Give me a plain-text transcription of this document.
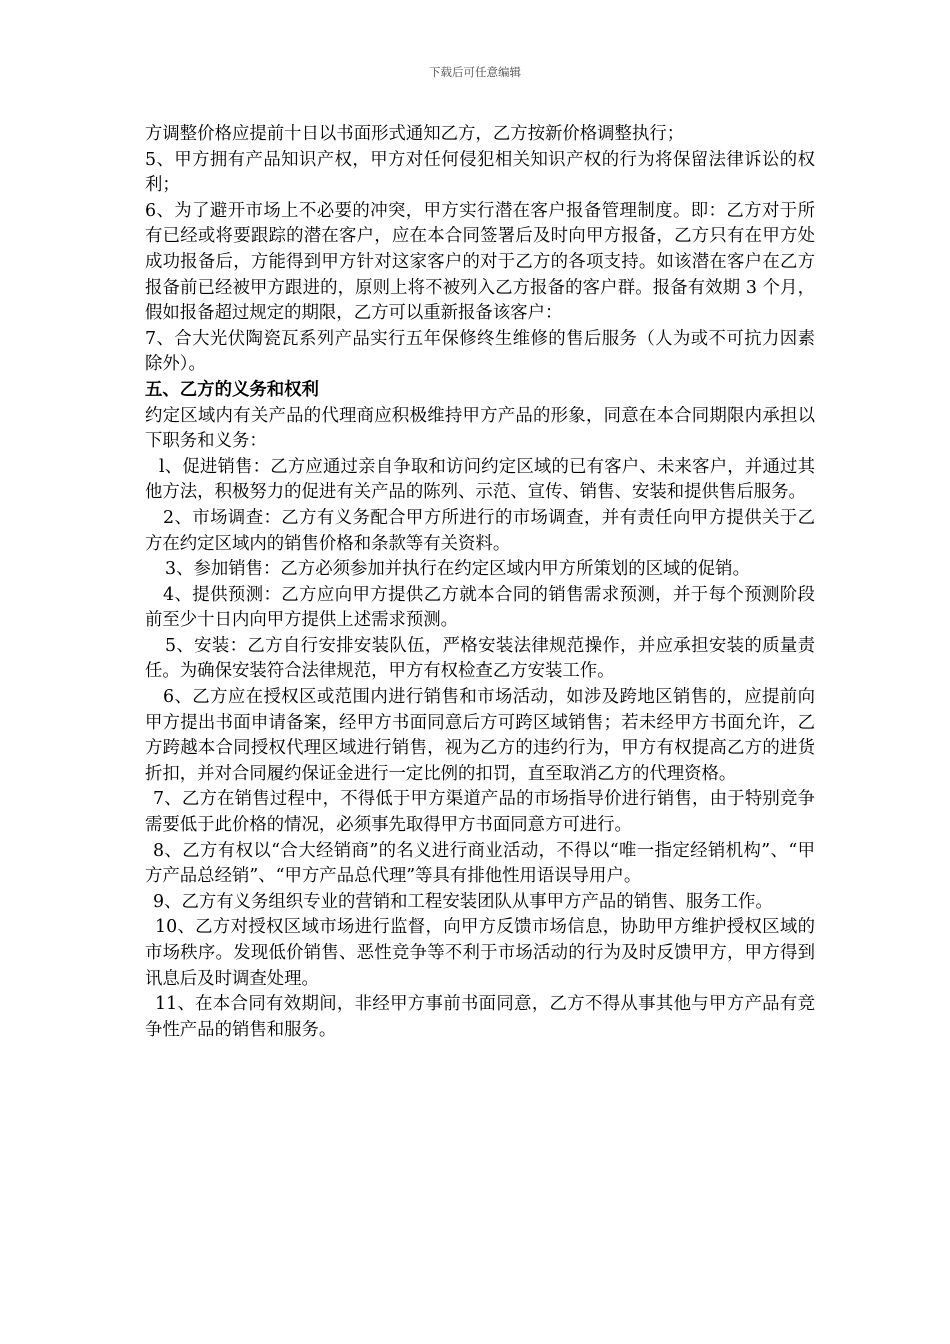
下载后可任意编辑

方调整价格应提前十日以书面形式通知乙方，乙方按新价格调整执行；

5、甲方拥有产品知识产权，甲方对任何侵犯相关知识产权的行为将保留法律诉讼的权利；

6、为了避开市场上不必要的冲突，甲方实行潜在客户报备管理制度。即：乙方对于所有已经或将要跟踪的潜在客户，应在本合同签署后及时向甲方报备，乙方只有在甲方处成功报备后，方能得到甲方针对这家客户的对于乙方的各项支持。如该潜在客户在乙方报备前已经被甲方跟进的，原则上将不被列入乙方报备的客户群。报备有效期 3 个月，假如报备超过规定的期限，乙方可以重新报备该客户：

7、合大光伏陶瓷瓦系列产品实行五年保修终生维修的售后服务（人为或不可抗力因素除外）。

五、乙方的义务和权利

约定区域内有关产品的代理商应积极维持甲方产品的形象，同意在本合同期限内承担以下职务和义务：

l、促进销售：乙方应通过亲自争取和访问约定区域的已有客户、未来客户，并通过其他方法，积极努力的促进有关产品的陈列、示范、宣传、销售、安装和提供售后服务。

2、市场调查：乙方有义务配合甲方所进行的市场调查，并有责任向甲方提供关于乙方在约定区域内的销售价格和条款等有关资料。

3、参加销售：乙方必须参加并执行在约定区域内甲方所策划的区域的促销。

4、提供预测：乙方应向甲方提供乙方就本合同的销售需求预测，并于每个预测阶段前至少十日内向甲方提供上述需求预测。

5、安装：乙方自行安排安装队伍，严格安装法律规范操作，并应承担安装的质量责任。为确保安装符合法律规范，甲方有权检查乙方安装工作。

6、乙方应在授权区或范围内进行销售和市场活动，如涉及跨地区销售的，应提前向甲方提出书面申请备案，经甲方书面同意后方可跨区域销售；若未经甲方书面允许，乙方跨越本合同授权代理区域进行销售，视为乙方的违约行为，甲方有权提高乙方的进货折扣，并对合同履约保证金进行一定比例的扣罚，直至取消乙方的代理资格。

7、乙方在销售过程中，不得低于甲方渠道产品的市场指导价进行销售，由于特别竞争需要低于此价格的情况，必须事先取得甲方书面同意方可进行。

8、乙方有权以“合大经销商”的名义进行商业活动，不得以“唯一指定经销机构”、“甲方产品总经销”、“甲方产品总代理”等具有排他性用语误导用户。

9、乙方有义务组织专业的营销和工程安装团队从事甲方产品的销售、服务工作。

10、乙方对授权区域市场进行监督，向甲方反馈市场信息，协助甲方维护授权区域的市场秩序。发现低价销售、恶性竞争等不利于市场活动的行为及时反馈甲方，甲方得到讯息后及时调查处理。

11、在本合同有效期间，非经甲方事前书面同意，乙方不得从事其他与甲方产品有竞争性产品的销售和服务。
